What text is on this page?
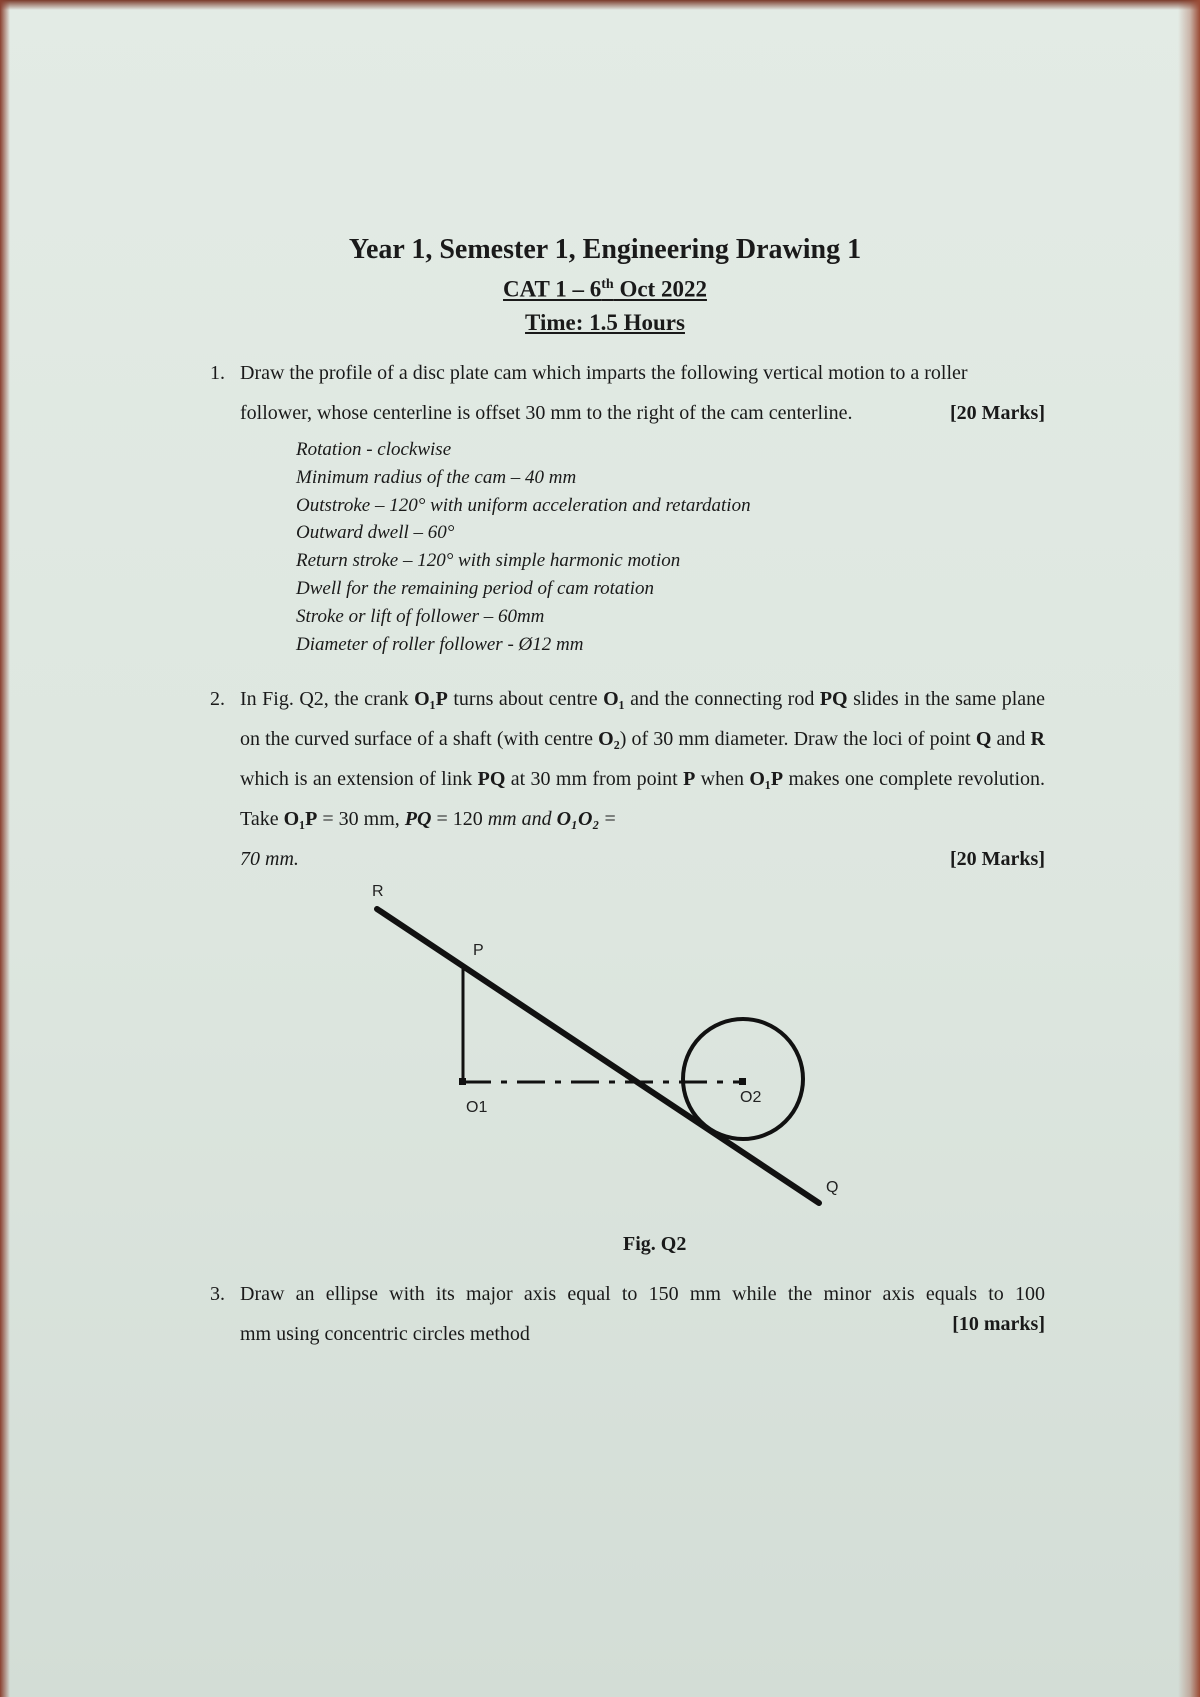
Year 1, Semester 1, Engineering Drawing 1
CAT 1 – 6th Oct 2022
Time: 1.5 Hours
1. Draw the profile of a disc plate cam which imparts the following vertical motion to a roller
follower, whose centerline is offset 30 mm to the right of the cam centerline.	[20 Marks]
Rotation - clockwise
Minimum radius of the cam – 40 mm
Outstroke – 120° with uniform acceleration and retardation
Outward dwell – 60°
Return stroke – 120° with simple harmonic motion
Dwell for the remaining period of cam rotation
Stroke or lift of follower – 60mm
Diameter of roller follower - Ø12 mm
2. In Fig. Q2, the crank O₁P turns about centre O₁ and the connecting rod PQ slides in the same plane on the curved surface of a shaft (with centre O₂) of 30 mm diameter. Draw the loci of point Q and R which is an extension of link PQ at 30 mm from point P when O₁P makes one complete revolution. Take O₁P = 30 mm, PQ = 120 mm and O₁O₂ =
70 mm.	[20 Marks]
R
P
O1
O2
Q
Fig. Q2
3. Draw an ellipse with its major axis equal to 150 mm while the minor axis equals to 100
mm using concentric circles method	[10 marks]
